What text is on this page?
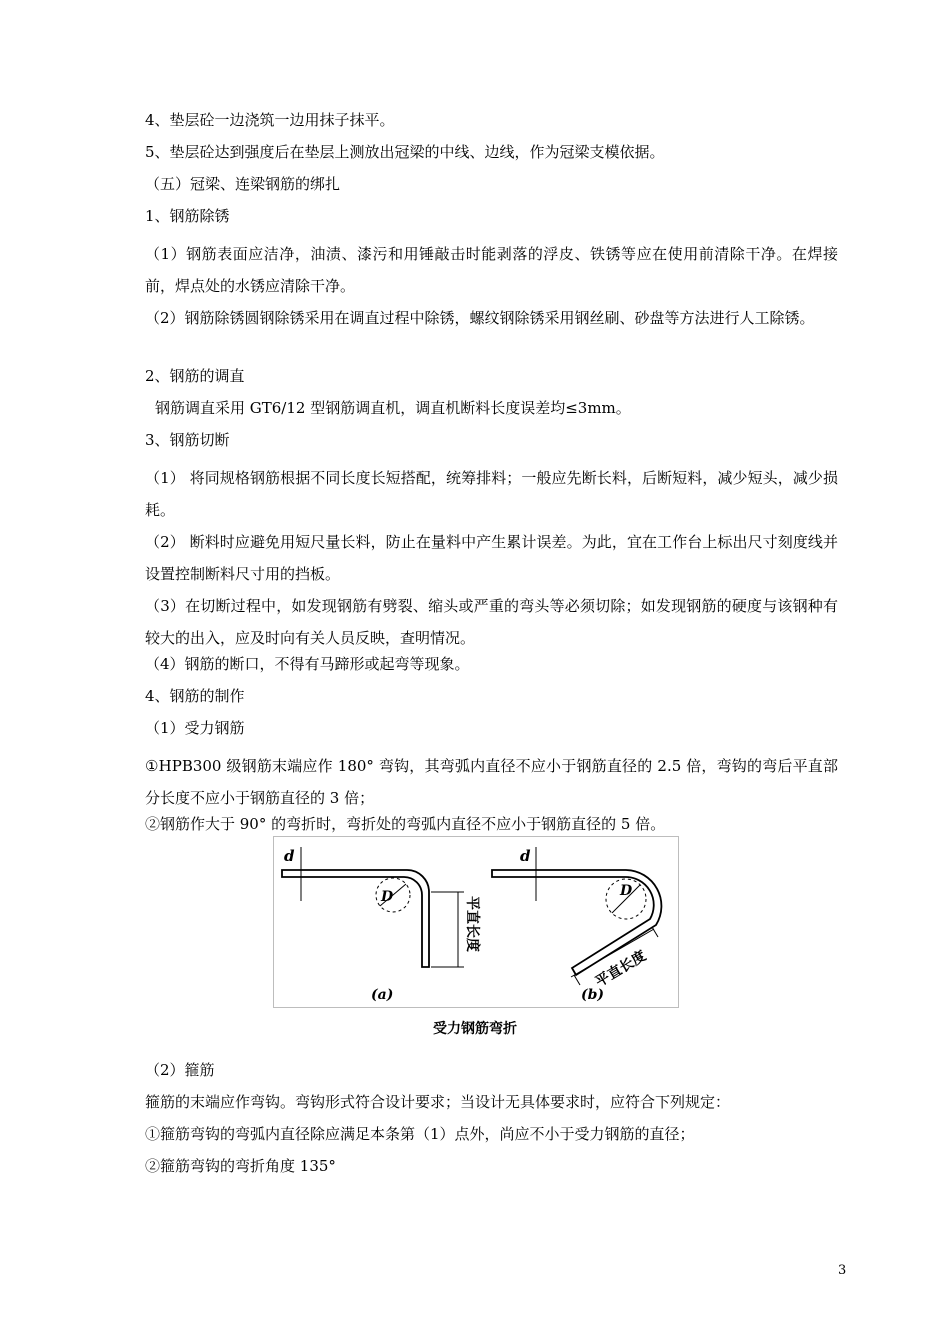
4、垫层砼一边浇筑一边用抹子抹平。
5、垫层砼达到强度后在垫层上测放出冠梁的中线、边线，作为冠梁支模依据。
（五）冠梁、连梁钢筋的绑扎
1、钢筋除锈
（1）钢筋表面应洁净，油渍、漆污和用锤敲击时能剥落的浮皮、铁锈等应在使用前清除干净。在焊接前，焊点处的水锈应清除干净。
（2）钢筋除锈圆钢除锈采用在调直过程中除锈，螺纹钢除锈采用钢丝刷、砂盘等方法进行人工除锈。
2、钢筋的调直
钢筋调直采用 GT6/12 型钢筋调直机，调直机断料长度误差均≤3mm。
3、钢筋切断
（1） 将同规格钢筋根据不同长度长短搭配，统筹排料；一般应先断长料，后断短料，减少短头，减少损耗。
（2） 断料时应避免用短尺量长料，防止在量料中产生累计误差。为此，宜在工作台上标出尺寸刻度线并设置控制断料尺寸用的挡板。
（3）在切断过程中，如发现钢筋有劈裂、缩头或严重的弯头等必须切除；如发现钢筋的硬度与该钢种有较大的出入，应及时向有关人员反映，查明情况。
（4）钢筋的断口，不得有马蹄形或起弯等现象。
4、钢筋的制作
（1）受力钢筋
①HPB300 级钢筋末端应作 180° 弯钩，其弯弧内直径不应小于钢筋直径的 2.5 倍，弯钩的弯后平直部分长度不应小于钢筋直径的 3 倍；
②钢筋作大于 90° 的弯折时，弯折处的弯弧内直径不应小于钢筋直径的 5 倍。
d
D
(a)
d
D
(b)
平直长度
平直长度
受力钢筋弯折
（2）箍筋
箍筋的末端应作弯钩。弯钩形式符合设计要求；当设计无具体要求时，应符合下列规定：
①箍筋弯钩的弯弧内直径除应满足本条第（1）点外，尚应不小于受力钢筋的直径；
②箍筋弯钩的弯折角度 135°
3
